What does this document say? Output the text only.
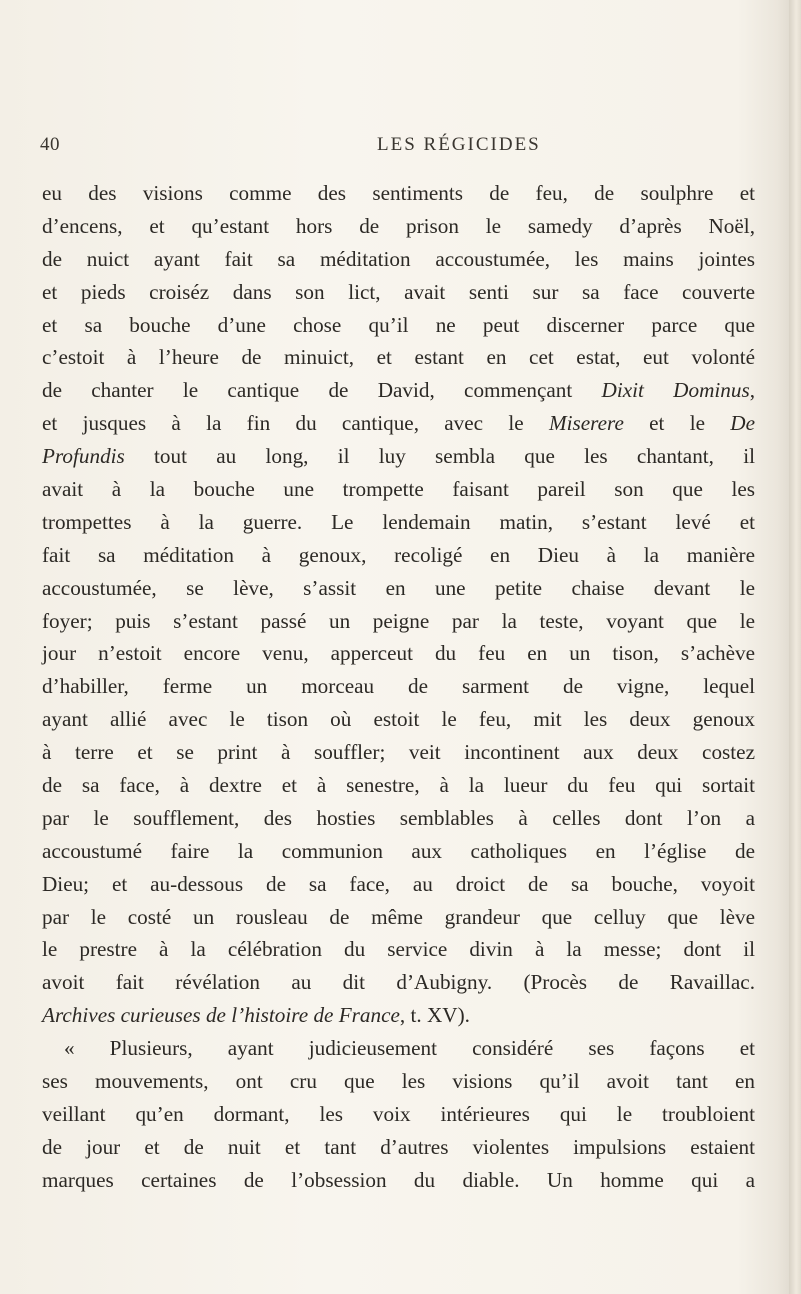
40	LES RÉGICIDES
eu des visions comme des sentiments de feu, de soulphre et
d’encens, et qu’estant hors de prison le samedy d’après Noël,
de nuict ayant fait sa méditation accoustumée, les mains jointes
et pieds croiséz dans son lict, avait senti sur sa face couverte
et sa bouche d’une chose qu’il ne peut discerner parce que
c’estoit à l’heure de minuict, et estant en cet estat, eut volonté
de chanter le cantique de David, commençant Dixit Dominus,
et jusques à la fin du cantique, avec le Miserere et le De
Profundis tout au long, il luy sembla que les chantant, il
avait à la bouche une trompette faisant pareil son que les
trompettes à la guerre. Le lendemain matin, s’estant levé et
fait sa méditation à genoux, recoligé en Dieu à la manière
accoustumée, se lève, s’assit en une petite chaise devant le
foyer; puis s’estant passé un peigne par la teste, voyant que le
jour n’estoit encore venu, apperceut du feu en un tison, s’achève
d’habiller, ferme un morceau de sarment de vigne, lequel
ayant allié avec le tison où estoit le feu, mit les deux genoux
à terre et se print à souffler; veit incontinent aux deux costez
de sa face, à dextre et à senestre, à la lueur du feu qui sortait
par le soufflement, des hosties semblables à celles dont l’on a
accoustumé faire la communion aux catholiques en l’église de
Dieu; et au-dessous de sa face, au droict de sa bouche, voyoit
par le costé un rousleau de même grandeur que celluy que lève
le prestre à la célébration du service divin à la messe; dont il
avoit fait révélation au dit d’Aubigny. (Procès de Ravaillac.
Archives curieuses de l’histoire de France, t. XV).
« Plusieurs, ayant judicieusement considéré ses façons et
ses mouvements, ont cru que les visions qu’il avoit tant en
veillant qu’en dormant, les voix intérieures qui le troubloient
de jour et de nuit et tant d’autres violentes impulsions estaient
marques certaines de l’obsession du diable. Un homme qui a
